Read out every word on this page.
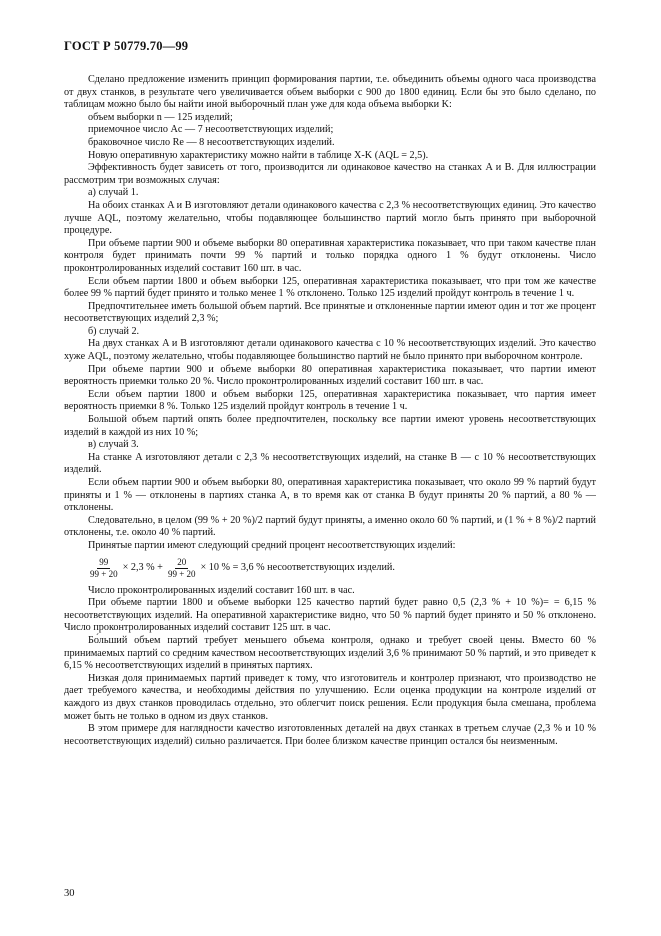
ГОСТ Р 50779.70—99

Сделано предложение изменить принцип формирования партии, т.е. объединить объемы одного часа производства от двух станков, в результате чего увеличивается объем выборки с 900 до 1800 единиц. Если бы это было сделано, по таблицам можно было бы найти иной выборочный план уже для кода объема выборки K:

объем выборки n — 125 изделий;

приемочное число Ac — 7 несоответствующих изделий;

браковочное число Re — 8 несоответствующих изделий.

Новую оперативную характеристику можно найти в таблице X-K (AQL = 2,5).

Эффективность будет зависеть от того, производится ли одинаковое качество на станках A и B. Для иллюстрации рассмотрим три возможных случая:

а) случай 1.

На обоих станках A и B изготовляют детали одинакового качества с 2,3 % несоответствующих единиц. Это качество лучше AQL, поэтому желательно, чтобы подавляющее большинство партий могло быть принято при выборочной процедуре.

При объеме партии 900 и объеме выборки 80 оперативная характеристика показывает, что при таком качестве план контроля будет принимать почти 99 % партий и только порядка одного 1 % будут отклонены. Число проконтролированных изделий составит 160 шт. в час.

Если объем партии 1800 и объем выборки 125, оперативная характеристика показывает, что при том же качестве более 99 % партий будет принято и только менее 1 % отклонено. Только 125 изделий пройдут контроль в течение 1 ч.

Предпочтительнее иметь большой объем партий. Все принятые и отклоненные партии имеют один и тот же процент несоответствующих изделий 2,3 %;

б) случай 2.

На двух станках A и B изготовляют детали одинакового качества с 10 % несоответствующих изделий. Это качество хуже AQL, поэтому желательно, чтобы подавляющее большинство партий не было принято при выборочном контроле.

При объеме партии 900 и объеме выборки 80 оперативная характеристика показывает, что партии имеют вероятность приемки только 20 %. Число проконтролированных изделий составит 160 шт. в час.

Если объем партии 1800 и объем выборки 125, оперативная характеристика показывает, что партия имеет вероятность приемки 8 %. Только 125 изделий пройдут контроль в течение 1 ч.

Большой объем партий опять более предпочтителен, поскольку все партии имеют уровень несоответствующих изделий в каждой из них 10 %;

в) случай 3.

На станке A изготовляют детали с 2,3 % несоответствующих изделий, на станке B — с 10 % несоответствующих изделий.

Если объем партии 900 и объем выборки 80, оперативная характеристика показывает, что около 99 % партий будут приняты и 1 % — отклонены в партиях станка A, в то время как от станка B будут приняты 20 % партий, а 80 % — отклонены.

Следовательно, в целом (99 % + 20 %)/2 партий будут приняты, а именно около 60 % партий, и (1 % + 8 %)/2 партий отклонены, т.е. около 40 % партий.

Принятые партии имеют следующий средний процент несоответствующих изделий:

$\frac{99}{99 + 20} \times 2,3$ % + $\frac{20}{99 + 20} \times 10$ % = 3,6 % несоответствующих изделий.

Число проконтролированных изделий составит 160 шт. в час.

При объеме партии 1800 и объеме выборки 125 качество партий будет равно 0,5 (2,3 % + 10 %)= = 6,15 % несоответствующих изделий. На оперативной характеристике видно, что 50 % партий будет принято и 50 % отклонено. Число проконтролированных изделий составит 125 шт. в час.

Бо́льший объем партий требует меньшего объема контроля, однако и требует своей цены. Вместо 60 % принимаемых партий со средним качеством несоответствующих изделий 3,6 % принимают 50 % партий, и это приведет к 6,15 % несоответствующих изделий в принятых партиях.

Низкая доля принимаемых партий приведет к тому, что изготовитель и контролер признают, что производство не дает требуемого качества, и необходимы действия по улучшению. Если оценка продукции на контроле изделий от каждого из двух станков проводилась отдельно, это облегчит поиск решения. Если продукция была смешана, проблема может быть не только в одном из двух станков.

В этом примере для наглядности качество изготовленных деталей на двух станках в третьем случае (2,3 % и 10 % несоответствующих изделий) сильно различается. При более близком качестве принцип остался бы неизменным.

30
